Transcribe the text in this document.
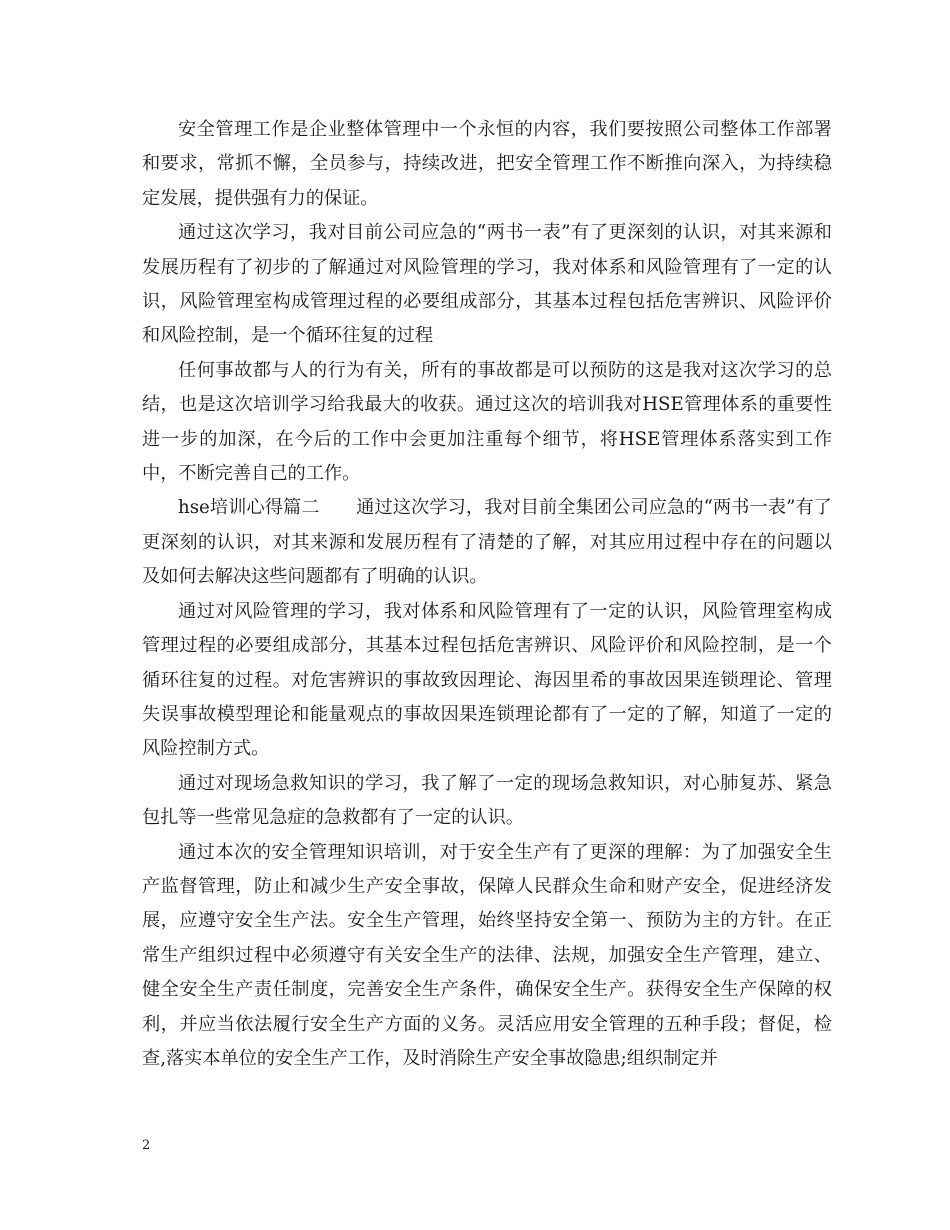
安全管理工作是企业整体管理中一个永恒的内容，我们要按照公司整体工作部署和要求，常抓不懈，全员参与，持续改进，把安全管理工作不断推向深入，为持续稳定发展，提供强有力的保证。

通过这次学习，我对目前公司应急的“两书一表”有了更深刻的认识，对其来源和发展历程有了初步的了解通过对风险管理的学习，我对体系和风险管理有了一定的认识，风险管理室构成管理过程的必要组成部分，其基本过程包括危害辨识、风险评价和风险控制，是一个循环往复的过程

任何事故都与人的行为有关，所有的事故都是可以预防的这是我对这次学习的总结，也是这次培训学习给我最大的收获。通过这次的培训我对HSE管理体系的重要性进一步的加深，在今后的工作中会更加注重每个细节，将HSE管理体系落实到工作中，不断完善自己的工作。

hse培训心得篇二　　通过这次学习，我对目前全集团公司应急的“两书一表”有了更深刻的认识，对其来源和发展历程有了清楚的了解，对其应用过程中存在的问题以及如何去解决这些问题都有了明确的认识。

通过对风险管理的学习，我对体系和风险管理有了一定的认识，风险管理室构成管理过程的必要组成部分，其基本过程包括危害辨识、风险评价和风险控制，是一个循环往复的过程。对危害辨识的事故致因理论、海因里希的事故因果连锁理论、管理失误事故模型理论和能量观点的事故因果连锁理论都有了一定的了解，知道了一定的风险控制方式。

通过对现场急救知识的学习，我了解了一定的现场急救知识，对心肺复苏、紧急包扎等一些常见急症的急救都有了一定的认识。

通过本次的安全管理知识培训，对于安全生产有了更深的理解：为了加强安全生产监督管理，防止和减少生产安全事故，保障人民群众生命和财产安全，促进经济发展，应遵守安全生产法。安全生产管理，始终坚持安全第一、预防为主的方针。在正常生产组织过程中必须遵守有关安全生产的法律、法规，加强安全生产管理，建立、健全安全生产责任制度，完善安全生产条件，确保安全生产。获得安全生产保障的权利，并应当依法履行安全生产方面的义务。灵活应用安全管理的五种手段；督促，检查,落实本单位的安全生产工作，及时消除生产安全事故隐患;组织制定并

2
